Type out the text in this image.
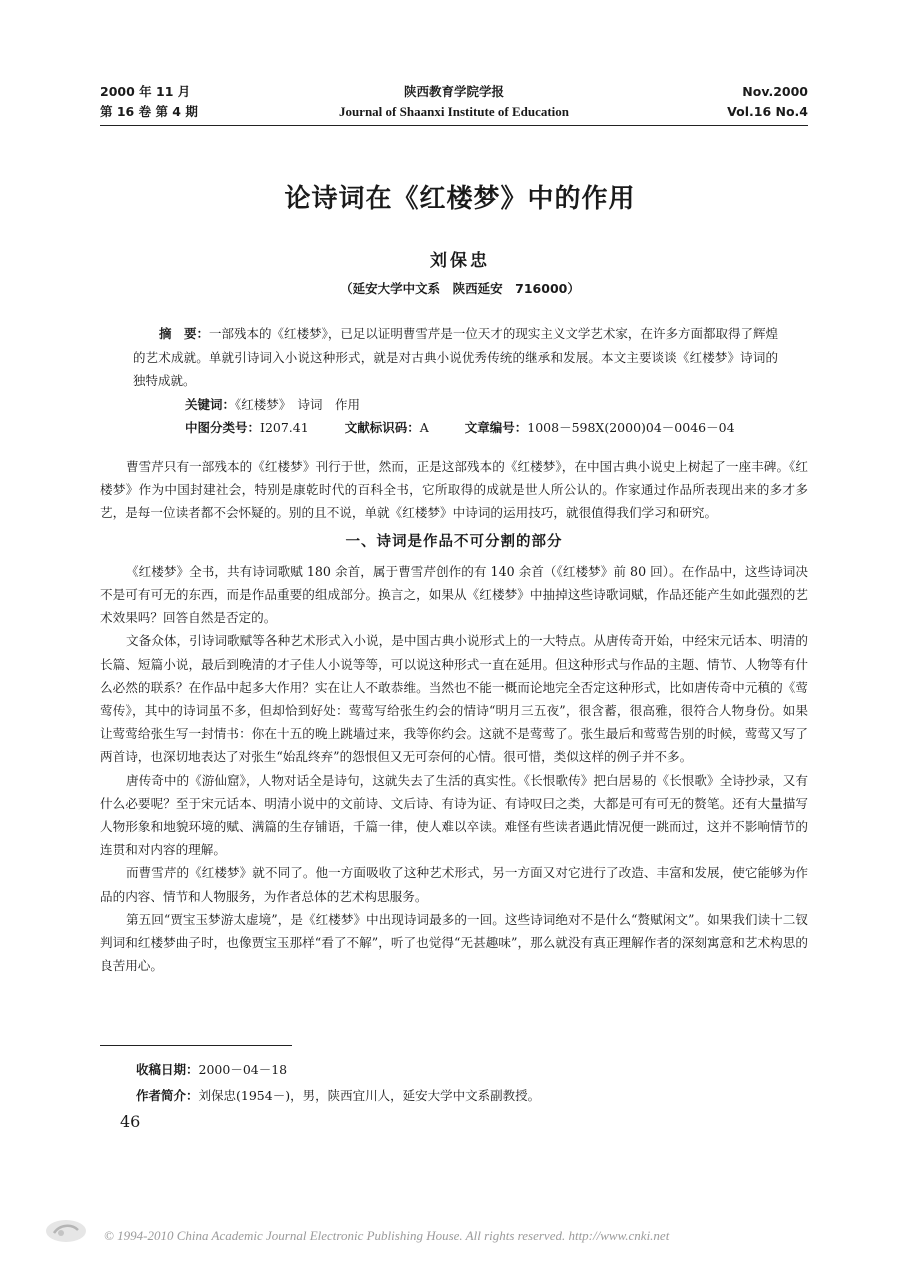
2000 年 11 月
第 16 卷 第 4 期
陕西教育学院学报
Journal of Shaanxi Institute of Education
Nov.2000
Vol.16 No.4
论诗词在《红楼梦》中的作用
刘保忠
（延安大学中文系　陕西延安　716000）

摘　要：一部残本的《红楼梦》，已足以证明曹雪芹是一位天才的现实主义文学艺术家，在许多方面都取得了辉煌的艺术成就。单就引诗词入小说这种形式，就是对古典小说优秀传统的继承和发展。本文主要谈谈《红楼梦》诗词的独特成就。

关键词：《红楼梦》　诗词　作用

中图分类号：I207.41	文献标识码：A	文章编号：1008－598X(2000)04－0046－04

曹雪芹只有一部残本的《红楼梦》刊行于世，然而，正是这部残本的《红楼梦》，在中国古典小说史上树起了一座丰碑。《红楼梦》作为中国封建社会，特别是康乾时代的百科全书，它所取得的成就是世人所公认的。作家通过作品所表现出来的多才多艺，是每一位读者都不会怀疑的。别的且不说，单就《红楼梦》中诗词的运用技巧，就很值得我们学习和研究。

一、诗词是作品不可分割的部分

《红楼梦》全书，共有诗词歌赋 180 余首，属于曹雪芹创作的有 140 余首（《红楼梦》前 80 回）。在作品中，这些诗词决不是可有可无的东西，而是作品重要的组成部分。换言之，如果从《红楼梦》中抽掉这些诗歌词赋，作品还能产生如此强烈的艺术效果吗？回答自然是否定的。

文备众体，引诗词歌赋等各种艺术形式入小说，是中国古典小说形式上的一大特点。从唐传奇开始，中经宋元话本、明清的长篇、短篇小说，最后到晚清的才子佳人小说等等，可以说这种形式一直在延用。但这种形式与作品的主题、情节、人物等有什么必然的联系？在作品中起多大作用？实在让人不敢恭维。当然也不能一概而论地完全否定这种形式，比如唐传奇中元稹的《莺莺传》，其中的诗词虽不多，但却恰到好处：莺莺写给张生约会的情诗“明月三五夜”，很含蓄，很高雅，很符合人物身份。如果让莺莺给张生写一封情书：你在十五的晚上跳墙过来，我等你约会。这就不是莺莺了。张生最后和莺莺告别的时候，莺莺又写了两首诗，也深切地表达了对张生“始乱终弃”的怨恨但又无可奈何的心情。很可惜，类似这样的例子并不多。

唐传奇中的《游仙窟》，人物对话全是诗句，这就失去了生活的真实性。《长恨歌传》把白居易的《长恨歌》全诗抄录，又有什么必要呢？至于宋元话本、明清小说中的文前诗、文后诗、有诗为证、有诗叹曰之类，大都是可有可无的赘笔。还有大量描写人物形象和地貌环境的赋、满篇的生存铺语，千篇一律，使人难以卒读。难怪有些读者遇此情况便一跳而过，这并不影响情节的连贯和对内容的理解。

而曹雪芹的《红楼梦》就不同了。他一方面吸收了这种艺术形式，另一方面又对它进行了改造、丰富和发展，使它能够为作品的内容、情节和人物服务，为作者总体的艺术构思服务。

第五回“贾宝玉梦游太虚境”，是《红楼梦》中出现诗词最多的一回。这些诗词绝对不是什么“赘赋闲文”。如果我们读十二钗判词和红楼梦曲子时，也像贾宝玉那样“看了不解”，听了也觉得“无甚趣味”，那么就没有真正理解作者的深刻寓意和艺术构思的良苦用心。

收稿日期：2000－04－18
作者简介：刘保忠(1954－)，男，陕西宜川人，延安大学中文系副教授。
46
© 1994-2010 China Academic Journal Electronic Publishing House. All rights reserved. http://www.cnki.net
